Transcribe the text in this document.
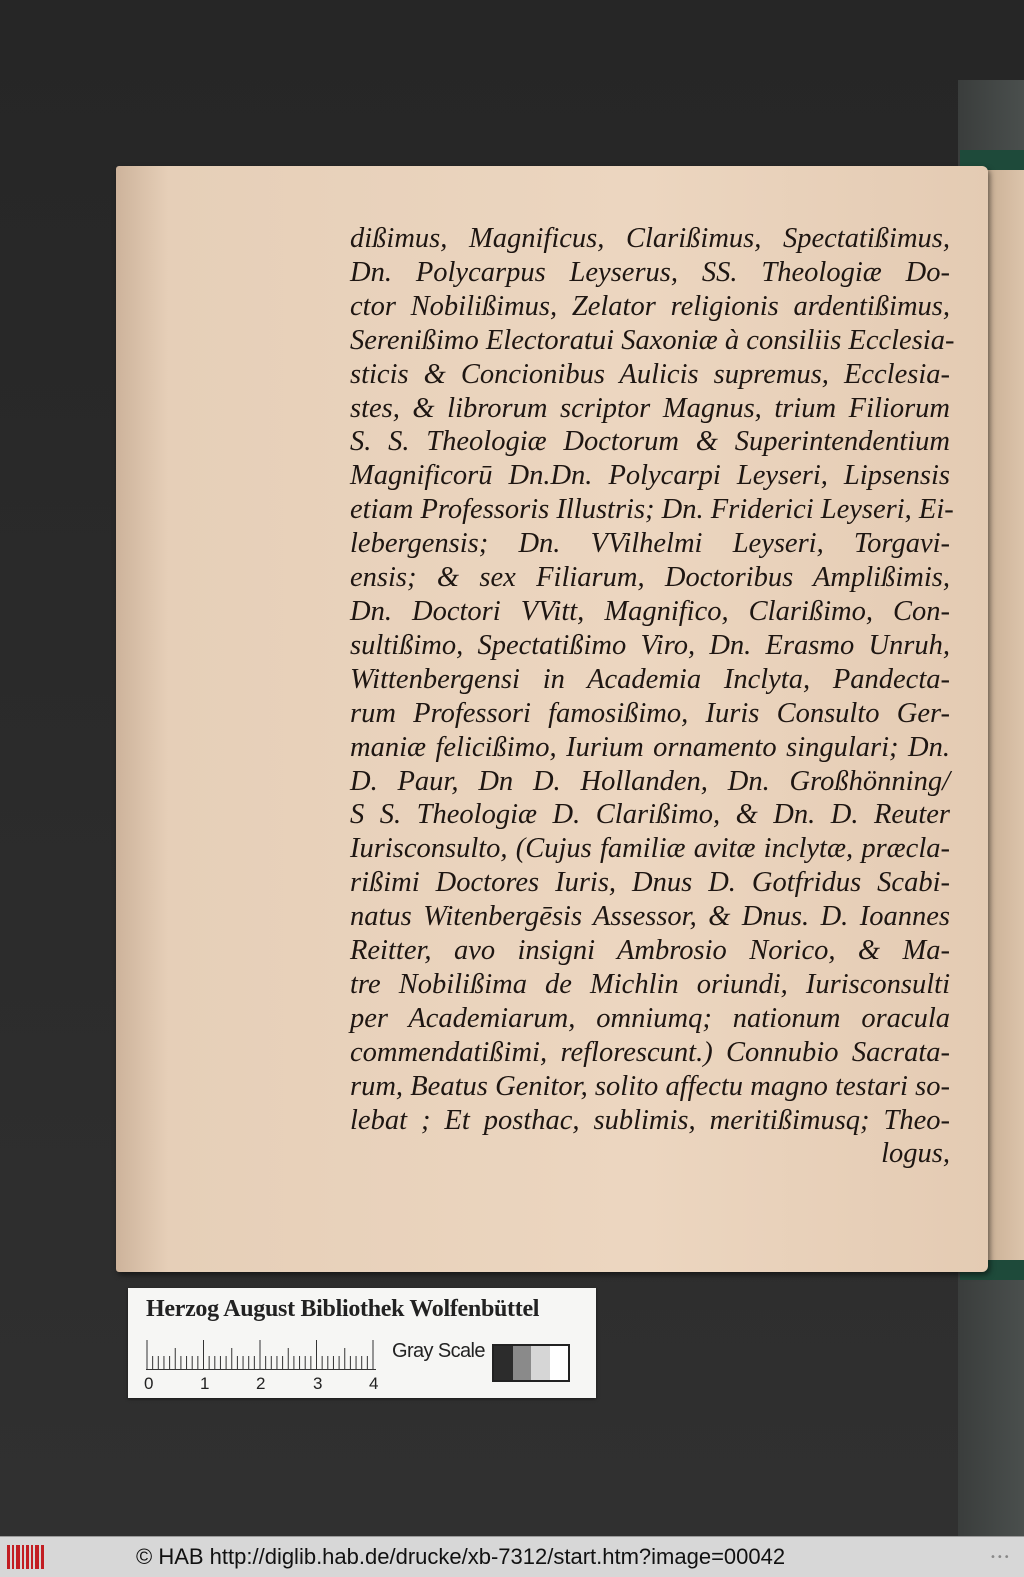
dißimus, Magnificus, Clarißimus, Spectatißimus,
Dn. Polycarpus Leyserus, SS. Theologiæ Do-
ctor Nobilißimus, Zelator religionis ardentißimus,
Serenißimo Electoratui Saxoniæ à consiliis Ecclesia-
sticis & Concionibus Aulicis supremus, Ecclesia-
stes, & librorum scriptor Magnus, trium Filiorum
S. S. Theologiæ Doctorum & Superintendentium
Magnificorū Dn.Dn. Polycarpi Leyseri, Lipsensis
etiam Professoris Illustris; Dn. Friderici Leyseri, Ei-
lebergensis; Dn. VVilhelmi Leyseri, Torgavi-
ensis; & sex Filiarum, Doctoribus Amplißimis,
Dn. Doctori VVitt, Magnifico, Clarißimo, Con-
sultißimo, Spectatißimo Viro, Dn. Erasmo Unruh,
Wittenbergensi in Academia Inclyta, Pandecta-
rum Professori famosißimo, Iuris Consulto Ger-
maniæ felicißimo, Iurium ornamento singulari; Dn.
D. Paur, Dn D. Hollanden, Dn. Großhönning/
S S. Theologiæ D. Clarißimo, & Dn. D. Reuter
Iurisconsulto, (Cujus familiæ avitæ inclytæ, præcla-
rißimi Doctores Iuris, Dnus D. Gotfridus Scabi-
natus Witenbergēsis Assessor, & Dnus. D. Ioannes
Reitter, avo insigni Ambrosio Norico, & Ma-
tre Nobilißima de Michlin oriundi, Iurisconsulti
per Academiarum, omniumq; nationum oracula
commendatißimi, reflorescunt.) Connubio Sacrata-
rum, Beatus Genitor, solito affectu magno testari so-
lebat ; Et posthac, sublimis, meritißimusq; Theo-
logus,
Herzog August Bibliothek Wolfenbüttel
0	1	2	3	4
Gray Scale
© HAB http://diglib.hab.de/drucke/xb-7312/start.htm?image=00042	•••
